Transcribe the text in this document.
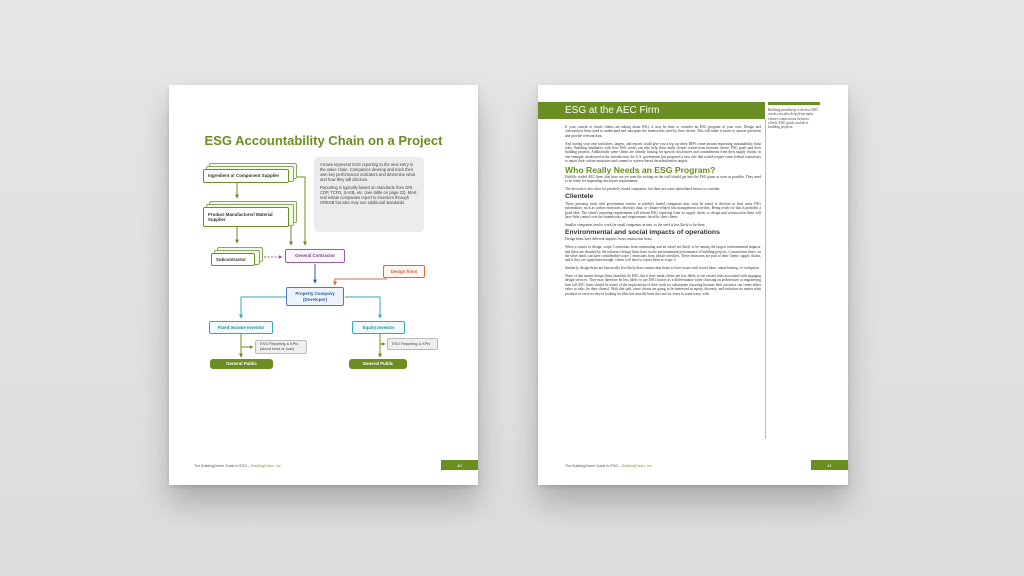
ESG Accountability Chain on a Project
Ingredient or Component Supplier
Product Manufacturer/ Material Supplier
Subcontractor
General Contractor
Design firms
Property Company (Developer)
Fixed Income Investor	Equity Investor
ESG Reporting & KPIs (about bond or loan)
ESG Reporting & KPIs
General Public	General Public

Arrows represent ESG reporting to the next entry in the value chain. Companies develop and track their own key performance indicators and determine what and how they will disclose.

Reporting is typically based on standards from GRI, CDP, TCFD, SASB, etc. (see table on page 22). Most real estate companies report to investors through GRESB but also may use additional standards.

The BuildingGreen Guide to ESG – BuildingGreen, Inc.	40
ESG at the AEC Firm	Building familiarity with how ESG works can also help firms make clearer connections between clients' ESG goals and their building projects.

If your current or future clients are asking about ESG, it may be time to consider an ESG program of your own. Design and construction firms need to understand and anticipate the frameworks used by their clients. This will make it easier to answer questions and provide relevant data.

And having your own initiatives, targets, and reports could give you a leg up when RFPs come around requesting sustainability bona fides. Building familiarity with how ESG works can also help firms make clearer connections between clients' ESG goals and their building projects. Additionally some clients are already looking for specific disclosures and commitments from their supply chains; as one example, mentioned in the introduction, the U.S. government has proposed a new rule that would require some federal contractors to report their carbon emissions and commit to science-based decarbonization targets.

Who Really Needs an ESG Program?

Publicly traded AEC firms that have not yet seen the writing on the wall should get into the ESG game as soon as possible. They need to be ready for impending disclosure requirements.

The decision is less clear for privately owned companies, but there are some interrelated factors to consider.

Clientele

Those pursuing work with government entities or publicly traded companies may soon be asked to disclose at least some ESG information, such as carbon emissions, diversity data, or climate-related risk management activities. Being ready for that is probably a good idea. The client's reporting requirements will inform ESG reporting from its supply chain, so design and construction firms will have little control over the frameworks and requirements faced by their clients.

Smaller companies tend to work for small companies in turn, so the need is less likely to be there.

Environmental and social impacts of operations

Design firms have different impacts from construction firms.

When it comes to design, scope 3 emissions from commuting and air travel are likely to be among the largest environmental impacts, and these are dwarfed by the influence design firms have on the environmental performance of building projects. Construction firms, on the other hand, can have considerable scope 1 emissions from jobsite activities. These emissions are part of their clients' supply chains, and if they are significant enough, clients will have to report them as scope 3.

Similarly, design firms are historically less likely than construction firms to have issues with forced labor, union-busting, or corruption.

None of that means design firms shouldn't do ESG, but it does mean clients are less likely to see certain risks associated with engaging design services. They may therefore be less likely to use ESG factors as a differentiator when choosing an architecture or engineering firm (all AEC firms should be aware of the implications of their work for subsequent reporting because their activities can create either value or risks for their clients). With that said, some clients are going to be interested in equity, diversity, and inclusion no matter what products or services they're looking for (this has actually been the case for years in some ways, with

The BuildingGreen Guide to ESG – BuildingGreen, Inc.	41
